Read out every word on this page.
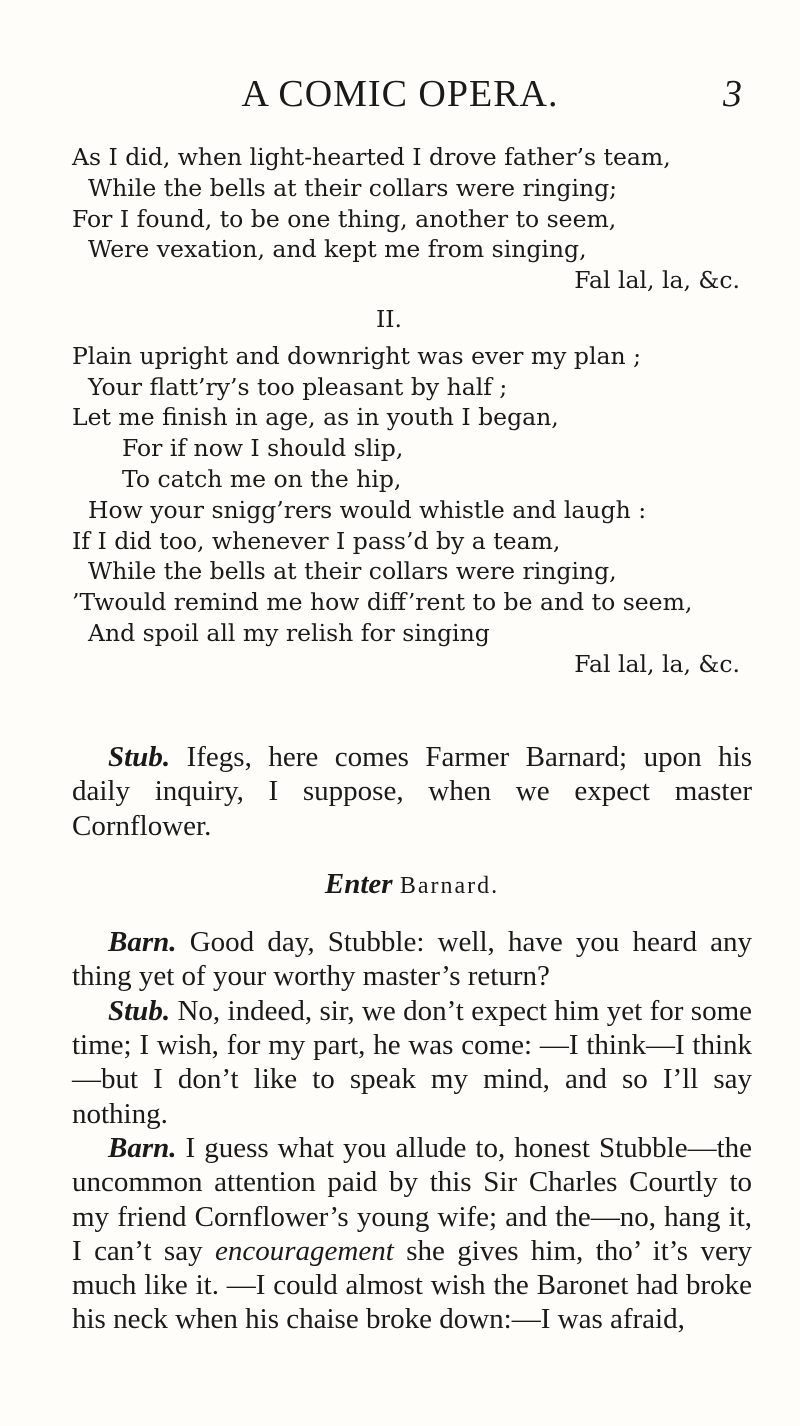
A COMIC OPERA.	3
As I did, when light-hearted I drove father’s team,
While the bells at their collars were ringing;
For I found, to be one thing, another to seem,
Were vexation, and kept me from singing,
Fal lal, la, &c.
II.
Plain upright and downright was ever my plan ;
Your flatt’ry’s too pleasant by half ;
Let me finish in age, as in youth I began,
For if now I should slip,
To catch me on the hip,
How your snigg’rers would whistle and laugh :
If I did too, whenever I pass’d by a team,
While the bells at their collars were ringing,
’Twould remind me how diff’rent to be and to seem,
And spoil all my relish for singing
Fal lal, la, &c.

Stub. Ifegs, here comes Farmer Barnard; upon his daily inquiry, I suppose, when we expect master Cornflower.

Enter Barnard.

Barn. Good day, Stubble: well, have you heard any thing yet of your worthy master’s return?

Stub. No, indeed, sir, we don’t expect him yet for some time; I wish, for my part, he was come: —I think—I think—but I don’t like to speak my mind, and so I’ll say nothing.

Barn. I guess what you allude to, honest Stubble—the uncommon attention paid by this Sir Charles Courtly to my friend Cornflower’s young wife; and the—no, hang it, I can’t say encouragement she gives him, tho’ it’s very much like it. —I could almost wish the Baronet had broke his neck when his chaise broke down:—I was afraid,
